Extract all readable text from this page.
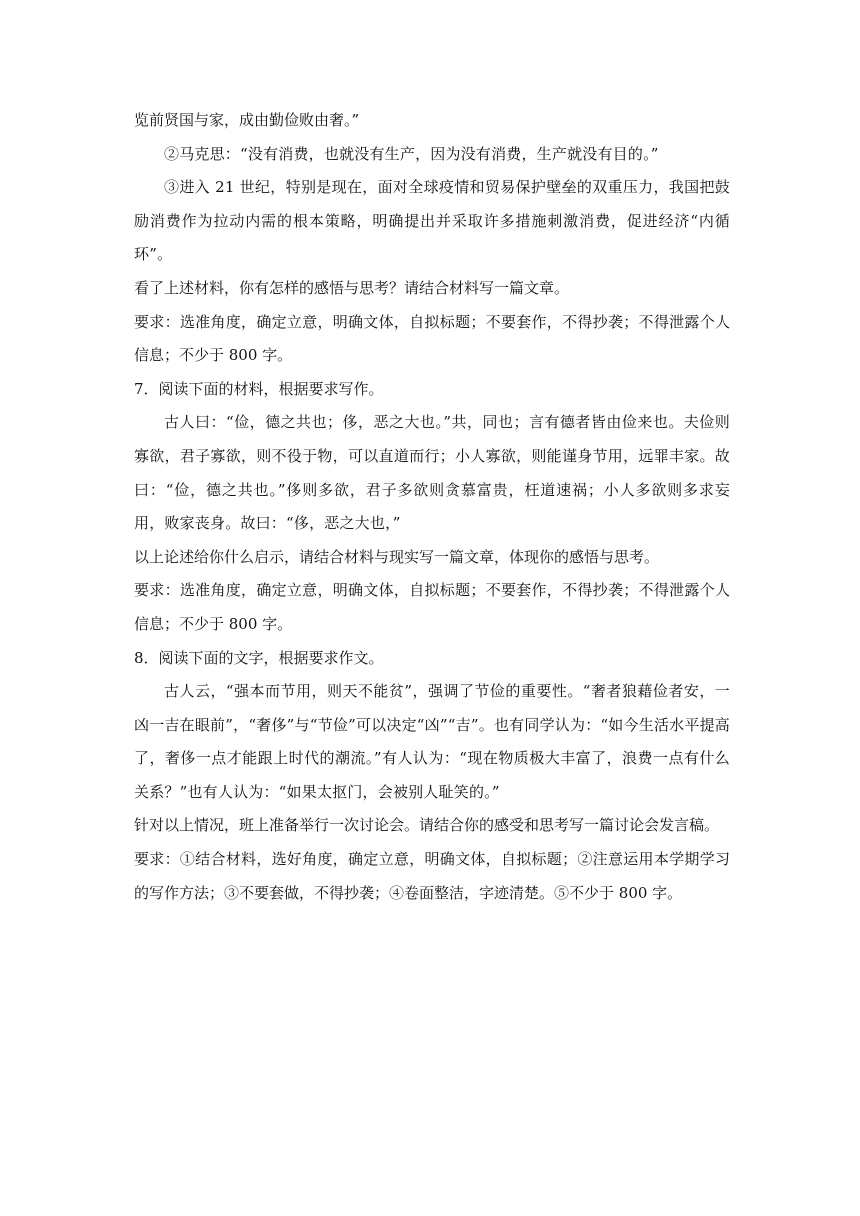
览前贤国与家，成由勤俭败由奢。”

②马克思：“没有消费，也就没有生产，因为没有消费，生产就没有目的。”

③进入 21 世纪，特别是现在，面对全球疫情和贸易保护壁垒的双重压力，我国把鼓励消费作为拉动内需的根本策略，明确提出并采取许多措施刺激消费，促进经济“内循环”。

看了上述材料，你有怎样的感悟与思考？请结合材料写一篇文章。

要求：选准角度，确定立意，明确文体，自拟标题；不要套作，不得抄袭；不得泄露个人信息；不少于 800 字。

7．阅读下面的材料，根据要求写作。

古人曰：“俭，德之共也；侈，恶之大也。”共，同也；言有德者皆由俭来也。夫俭则寡欲，君子寡欲，则不役于物，可以直道而行；小人寡欲，则能谨身节用，远罪丰家。故曰：“俭，德之共也。”侈则多欲，君子多欲则贪慕富贵，枉道速祸；小人多欲则多求妄用，败家丧身。故曰：“侈，恶之大也，”

以上论述给你什么启示，请结合材料与现实写一篇文章，体现你的感悟与思考。

要求：选准角度，确定立意，明确文体，自拟标题；不要套作，不得抄袭；不得泄露个人信息；不少于 800 字。

8．阅读下面的文字，根据要求作文。

古人云，“强本而节用，则天不能贫”，强调了节俭的重要性。“奢者狼藉俭者安，一凶一吉在眼前”，“奢侈”与“节俭”可以决定“凶”“吉”。也有同学认为：“如今生活水平提高了，奢侈一点才能跟上时代的潮流。”有人认为：“现在物质极大丰富了，浪费一点有什么关系？”也有人认为：“如果太抠门，会被别人耻笑的。”

针对以上情况，班上准备举行一次讨论会。请结合你的感受和思考写一篇讨论会发言稿。

要求：①结合材料，选好角度，确定立意，明确文体，自拟标题；②注意运用本学期学习的写作方法；③不要套做，不得抄袭；④卷面整洁，字迹清楚。⑤不少于 800 字。
